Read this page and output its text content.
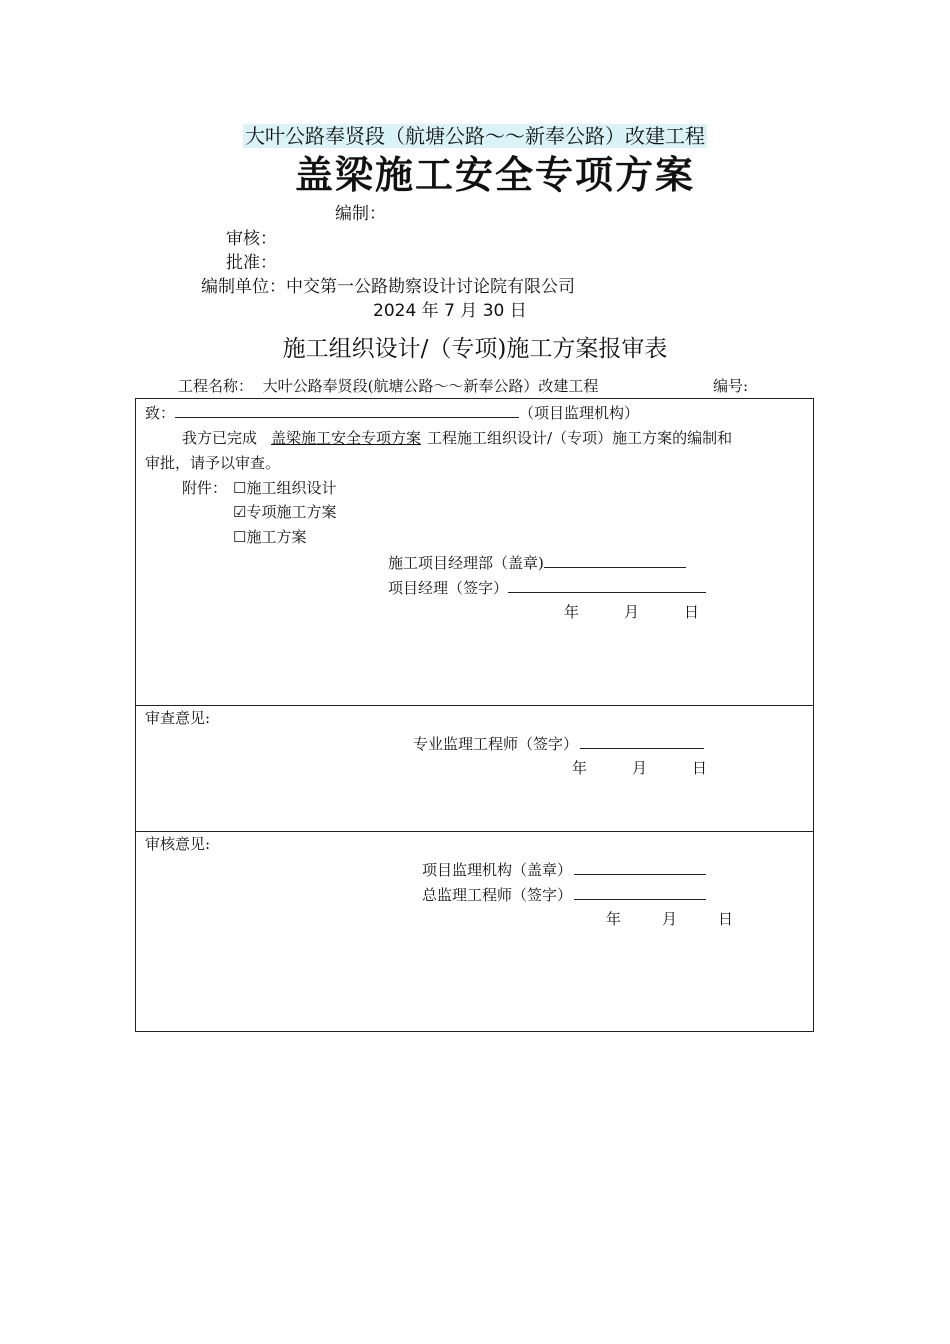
大叶公路奉贤段（航塘公路～～新奉公路）改建工程
盖梁施工安全专项方案
编制：
审核：
批准：
编制单位：中交第一公路勘察设计讨论院有限公司
2024 年 7 月 30 日
施工组织设计/（专项)施工方案报审表
工程名称： 大叶公路奉贤段(航塘公路～～新奉公路）改建工程	编号:
致：	（项目监理机构）
我方已完成 盖梁施工安全专项方案 工程施工组织设计/（专项）施工方案的编制和
审批，请予以审查。
附件： ☐施工组织设计
☑专项施工方案
☐施工方案
施工项目经理部（盖章)
项目经理（签字）
年	月	日
审查意见:
专业监理工程师（签字）
年	月	日
审核意见:
项目监理机构（盖章）
总监理工程师（签字）
年	月	日
